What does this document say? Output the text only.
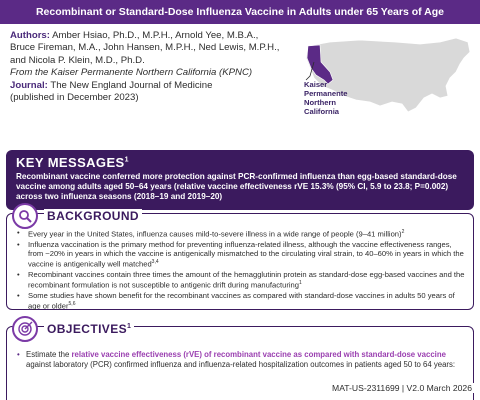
Recombinant or Standard-Dose Influenza Vaccine in Adults under 65 Years of Age
Authors: Amber Hsiao, Ph.D., M.P.H., Arnold Yee, M.B.A.,
Bruce Fireman, M.A., John Hansen, M.P.H., Ned Lewis, M.P.H.,
and Nicola P. Klein, M.D., Ph.D.
From the Kaiser Permanente Northern California (KPNC)
Journal: The New England Journal of Medicine
(published in December 2023)
Kaiser
Permanente
Northern
California
KEY MESSAGES$^1$
Recombinant vaccine conferred more protection against PCR-confirmed influenza than egg-based standard-dose vaccine among adults aged 50–64 years (relative vaccine effectiveness rVE 15.3% (95% CI, 5.9 to 23.8; P=0.002) across two influenza seasons (2018–19 and 2019–20)
BACKGROUND
• Every year in the United States, influenza causes mild-to-severe illness in a wide range of people (9–41 million)$^2$
• Influenza vaccination is the primary method for preventing influenza-related illness, although the vaccine effectiveness ranges, from ~20% in years in which the vaccine is antigenically mismatched to the circulating viral strain, to 40–60% in years in which the vaccine is antigenically well matched$^{3,4}$
• Recombinant vaccines contain three times the amount of the hemagglutinin protein as standard-dose egg-based vaccines and the recombinant formulation is not susceptible to antigenic drift during manufacturing$^1$
• Some studies have shown benefit for the recombinant vaccines as compared with standard-dose vaccines in adults 50 years of age or older$^{5,6}$
OBJECTIVES$^1$
• Estimate the relative vaccine effectiveness (rVE) of recombinant vaccine as compared with standard-dose vaccine against laboratory (PCR) confirmed influenza and influenza-related hospitalization outcomes in patients aged 50 to 64 years:
MAT-US-2311699 | V2.0 March 2026
